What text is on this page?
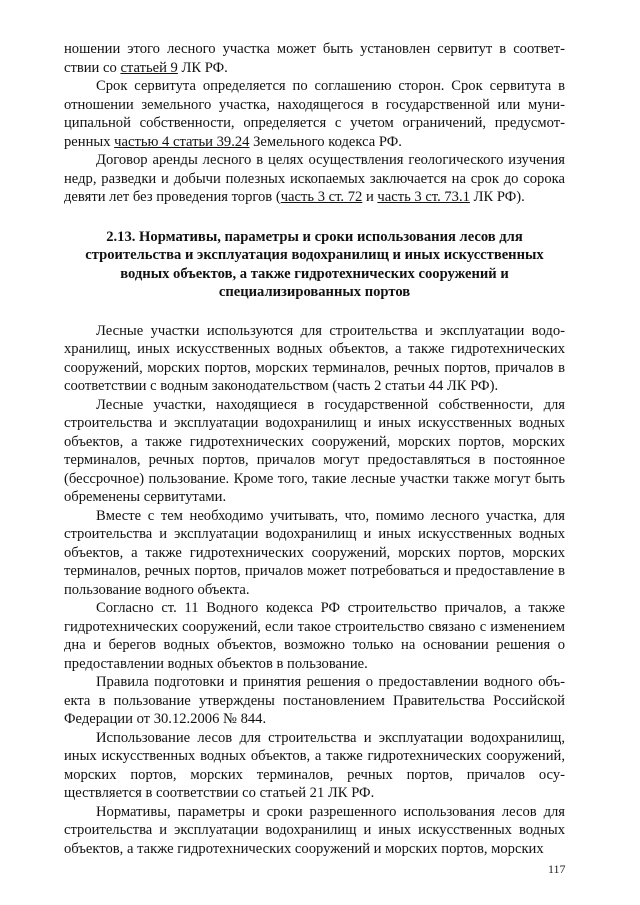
ношении этого лесного участка может быть установлен сервитут в соответствии со статьей 9 ЛК РФ.

Срок сервитута определяется по соглашению сторон. Срок сервитута в отношении земельного участка, находящегося в государственной или муниципальной собственности, определяется с учетом ограничений, предусмотренных частью 4 статьи 39.24 Земельного кодекса РФ.

Договор аренды лесного в целях осуществления геологического изучения недр, разведки и добычи полезных ископаемых заключается на срок до сорока девяти лет без проведения торгов (часть 3 ст. 72 и часть 3 ст. 73.1 ЛК РФ).

2.13. Нормативы, параметры и сроки использования лесов для строительства и эксплуатация водохранилищ и иных искусственных водных объектов, а также гидротехнических сооружений и специализированных портов

Лесные участки используются для строительства и эксплуатации водохранилищ, иных искусственных водных объектов, а также гидротехнических сооружений, морских портов, морских терминалов, речных портов, причалов в соответствии с водным законодательством (часть 2 статьи 44 ЛК РФ).

Лесные участки, находящиеся в государственной собственности, для строительства и эксплуатации водохранилищ и иных искусственных водных объектов, а также гидротехнических сооружений, морских портов, морских терминалов, речных портов, причалов могут предоставляться в постоянное (бессрочное) пользование. Кроме того, такие лесные участки также могут быть обременены сервитутами.

Вместе с тем необходимо учитывать, что, помимо лесного участка, для строительства и эксплуатации водохранилищ и иных искусственных водных объектов, а также гидротехнических сооружений, морских портов, морских терминалов, речных портов, причалов может потребоваться и предоставление в пользование водного объекта.

Согласно ст. 11 Водного кодекса РФ строительство причалов, а также гидротехнических сооружений, если такое строительство связано с изменением дна и берегов водных объектов, возможно только на основании решения о предоставлении водных объектов в пользование.

Правила подготовки и принятия решения о предоставлении водного объекта в пользование утверждены постановлением Правительства Российской Федерации от 30.12.2006 № 844.

Использование лесов для строительства и эксплуатации водохранилищ, иных искусственных водных объектов, а также гидротехнических сооружений, морских портов, морских терминалов, речных портов, причалов осуществляется в соответствии со статьей 21 ЛК РФ.

Нормативы, параметры и сроки разрешенного использования лесов для строительства и эксплуатации водохранилищ и иных искусственных водных объектов, а также гидротехнических сооружений и морских портов, морских

117
